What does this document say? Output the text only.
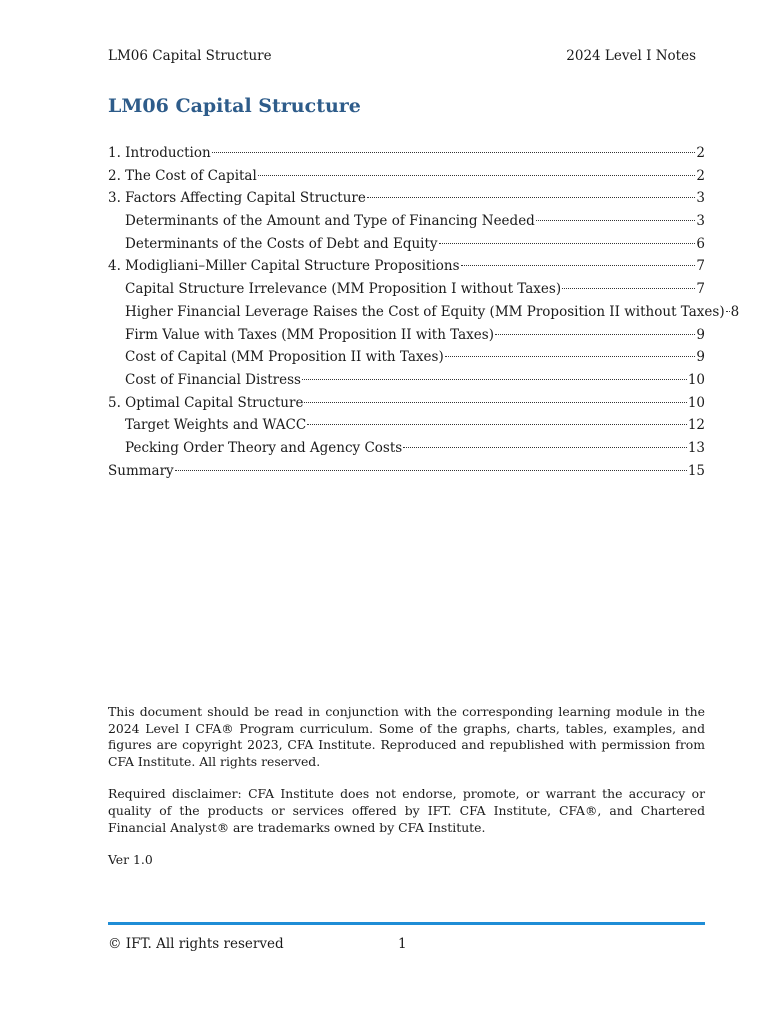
LM06 Capital Structure	2024 Level I Notes
LM06 Capital Structure
1. Introduction	2
2. The Cost of Capital	2
3. Factors Affecting Capital Structure	3
Determinants of the Amount and Type of Financing Needed	3
Determinants of the Costs of Debt and Equity	6
4. Modigliani–Miller Capital Structure Propositions	7
Capital Structure Irrelevance (MM Proposition I without Taxes)	7
Higher Financial Leverage Raises the Cost of Equity (MM Proposition II without Taxes) 8
Firm Value with Taxes (MM Proposition II with Taxes)	9
Cost of Capital (MM Proposition II with Taxes)	9
Cost of Financial Distress	10
5. Optimal Capital Structure	10
Target Weights and WACC	12
Pecking Order Theory and Agency Costs	13
Summary	15

This document should be read in conjunction with the corresponding learning module in the 2024 Level I CFA® Program curriculum. Some of the graphs, charts, tables, examples, and figures are copyright 2023, CFA Institute. Reproduced and republished with permission from CFA Institute. All rights reserved.

Required disclaimer: CFA Institute does not endorse, promote, or warrant the accuracy or quality of the products or services offered by IFT. CFA Institute, CFA®, and Chartered Financial Analyst® are trademarks owned by CFA Institute.

Ver 1.0

© IFT. All rights reserved	1
